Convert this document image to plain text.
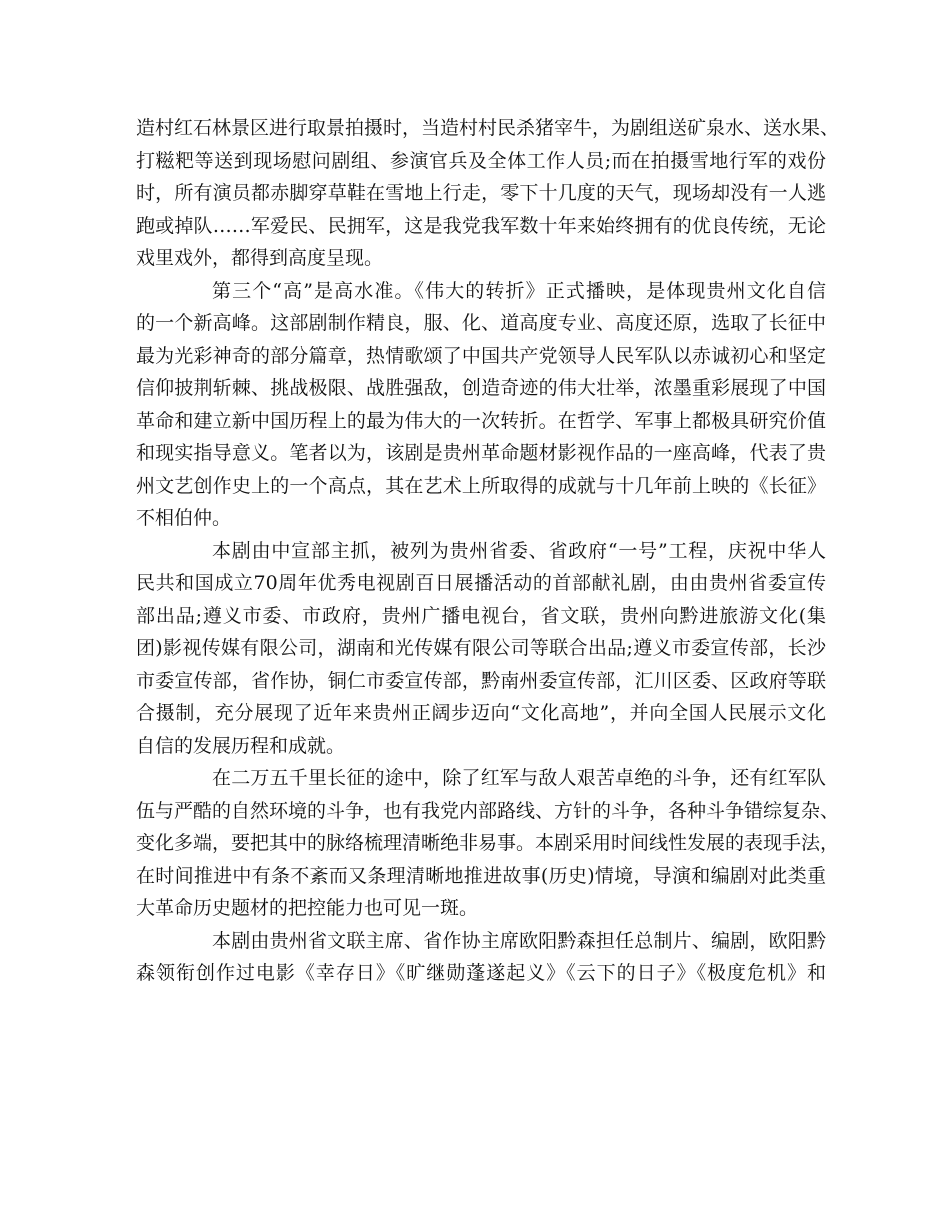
造村红石林景区进行取景拍摄时，当造村村民杀猪宰牛，为剧组送矿泉水、送水果、
打糍粑等送到现场慰问剧组、参演官兵及全体工作人员;而在拍摄雪地行军的戏份
时，所有演员都赤脚穿草鞋在雪地上行走，零下十几度的天气，现场却没有一人逃
跑或掉队……军爱民、民拥军，这是我党我军数十年来始终拥有的优良传统，无论
戏里戏外，都得到高度呈现。
第三个“高”是高水准。《伟大的转折》正式播映，是体现贵州文化自信
的一个新高峰。这部剧制作精良，服、化、道高度专业、高度还原，选取了长征中
最为光彩神奇的部分篇章，热情歌颂了中国共产党领导人民军队以赤诚初心和坚定
信仰披荆斩棘、挑战极限、战胜强敌，创造奇迹的伟大壮举，浓墨重彩展现了中国
革命和建立新中国历程上的最为伟大的一次转折。在哲学、军事上都极具研究价值
和现实指导意义。笔者以为，该剧是贵州革命题材影视作品的一座高峰，代表了贵
州文艺创作史上的一个高点，其在艺术上所取得的成就与十几年前上映的《长征》
不相伯仲。
本剧由中宣部主抓，被列为贵州省委、省政府“一号”工程，庆祝中华人
民共和国成立70周年优秀电视剧百日展播活动的首部献礼剧，由由贵州省委宣传
部出品;遵义市委、市政府，贵州广播电视台，省文联，贵州向黔进旅游文化(集
团)影视传媒有限公司，湖南和光传媒有限公司等联合出品;遵义市委宣传部，长沙
市委宣传部，省作协，铜仁市委宣传部，黔南州委宣传部，汇川区委、区政府等联
合摄制，充分展现了近年来贵州正阔步迈向“文化高地”，并向全国人民展示文化
自信的发展历程和成就。
在二万五千里长征的途中，除了红军与敌人艰苦卓绝的斗争，还有红军队
伍与严酷的自然环境的斗争，也有我党内部路线、方针的斗争，各种斗争错综复杂、
变化多端，要把其中的脉络梳理清晰绝非易事。本剧采用时间线性发展的表现手法，
在时间推进中有条不紊而又条理清晰地推进故事(历史)情境，导演和编剧对此类重
大革命历史题材的把控能力也可见一斑。
本剧由贵州省文联主席、省作协主席欧阳黔森担任总制片、编剧，欧阳黔
森领衔创作过电影《幸存日》《旷继勋蓬遂起义》《云下的日子》《极度危机》和
